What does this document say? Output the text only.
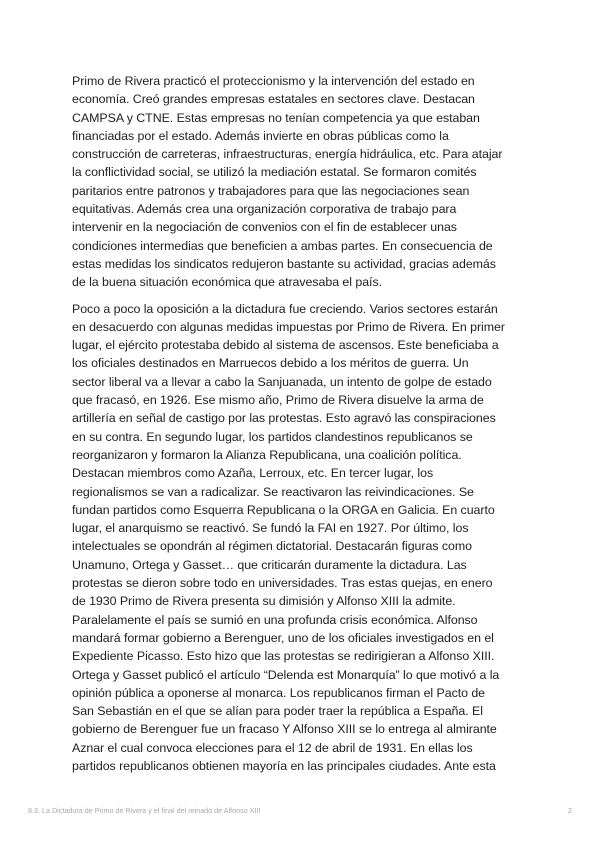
Primo de Rivera practicó el proteccionismo y la intervención del estado en
economía. Creó grandes empresas estatales en sectores clave. Destacan
CAMPSA y CTNE. Estas empresas no tenían competencia ya que estaban
financiadas por el estado. Además invierte en obras públicas como la
construcción de carreteras, infraestructuras, energía hidráulica, etc. Para atajar
la conflictividad social, se utilizó la mediación estatal. Se formaron comités
paritarios entre patronos y trabajadores para que las negociaciones sean
equitativas. Además crea una organización corporativa de trabajo para
intervenir en la negociación de convenios con el fin de establecer unas
condiciones intermedias que beneficien a ambas partes. En consecuencia de
estas medidas los sindicatos redujeron bastante su actividad, gracias además
de la buena situación económica que atravesaba el país.

Poco a poco la oposición a la dictadura fue creciendo. Varios sectores estarán
en desacuerdo con algunas medidas impuestas por Primo de Rivera. En primer
lugar, el ejército protestaba debido al sistema de ascensos. Este beneficiaba a
los oficiales destinados en Marruecos debido a los méritos de guerra. Un
sector liberal va a llevar a cabo la Sanjuanada, un intento de golpe de estado
que fracasó, en 1926. Ese mismo año, Primo de Rivera disuelve la arma de
artillería en señal de castigo por las protestas. Esto agravó las conspiraciones
en su contra. En segundo lugar, los partidos clandestinos republicanos se
reorganizaron y formaron la Alianza Republicana, una coalición política.
Destacan miembros como Azaña, Lerroux, etc. En tercer lugar, los
regionalismos se van a radicalizar. Se reactivaron las reivindicaciones. Se
fundan partidos como Esquerra Republicana o la ORGA en Galicia. En cuarto
lugar, el anarquismo se reactivó. Se fundó la FAI en 1927. Por último, los
intelectuales se opondrán al régimen dictatorial. Destacarán figuras como
Unamuno, Ortega y Gasset… que criticarán duramente la dictadura. Las
protestas se dieron sobre todo en universidades. Tras estas quejas, en enero
de 1930 Primo de Rivera presenta su dimisión y Alfonso XIII la admite.
Paralelamente el país se sumió en una profunda crisis económica. Alfonso
mandará formar gobierno a Berenguer, uno de los oficiales investigados en el
Expediente Picasso. Esto hizo que las protestas se redirigieran a Alfonso XIII.
Ortega y Gasset publicó el artículo “Delenda est Monarquía” lo que motivó a la
opinión pública a oponerse al monarca. Los republicanos firman el Pacto de
San Sebastián en el que se alían para poder traer la república a España. El
gobierno de Berenguer fue un fracaso Y Alfonso XIII se lo entrega al almirante
Aznar el cual convoca elecciones para el 12 de abril de 1931. En ellas los
partidos republicanos obtienen mayoría en las principales ciudades. Ante esta

8.3. La Dictadura de Primo de Rivera y el final del reinado de Alfonso XIII	2
